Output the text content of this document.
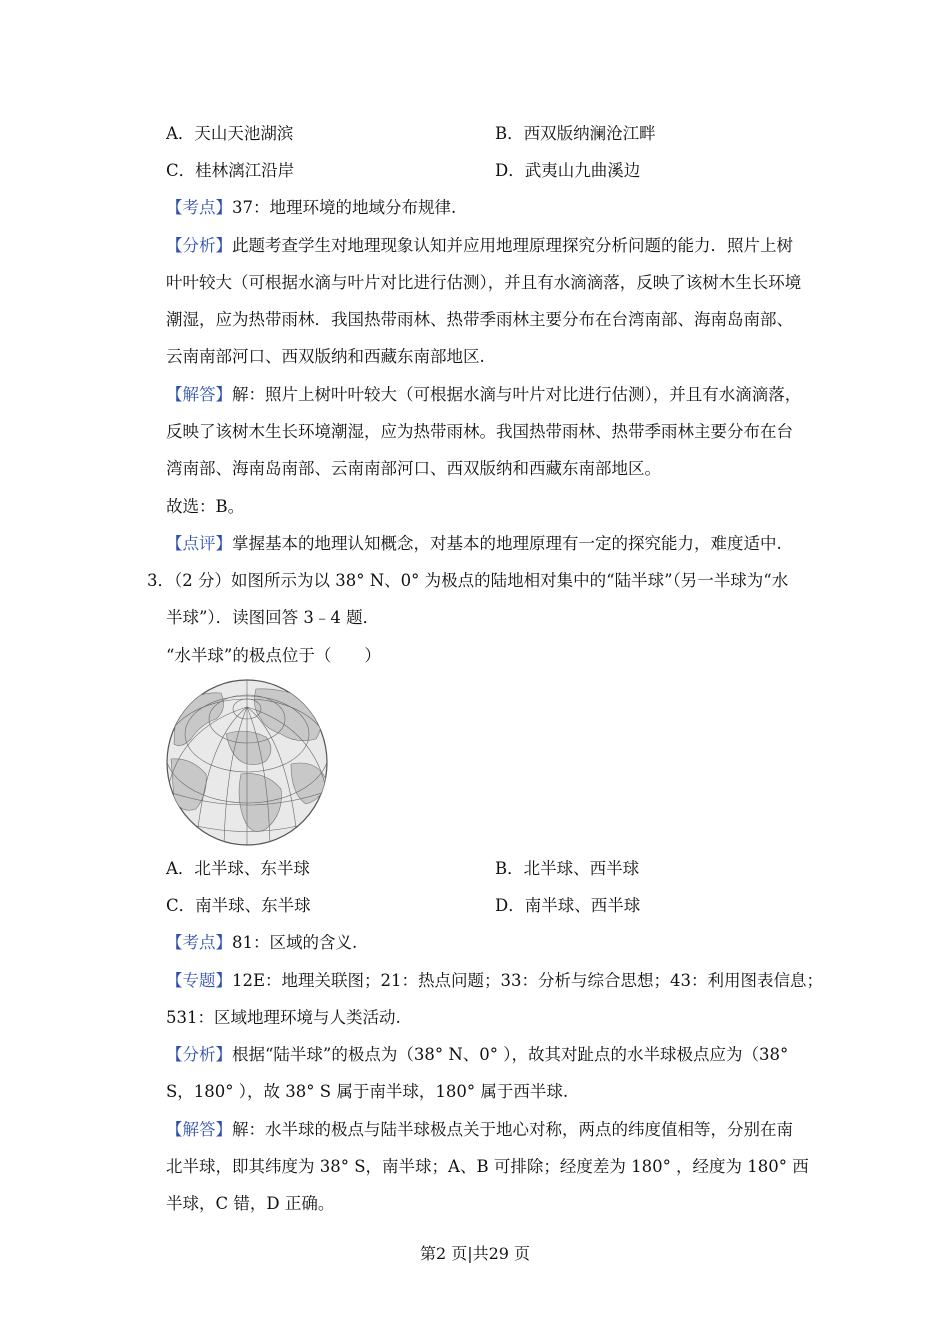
A．天山天池湖滨	B．西双版纳澜沧江畔
C．桂林漓江沿岸	D．武夷山九曲溪边
【考点】37：地理环境的地域分布规律.
【分析】此题考查学生对地理现象认知并应用地理原理探究分析问题的能力．照片上树
叶叶较大（可根据水滴与叶片对比进行估测），并且有水滴滴落，反映了该树木生长环境
潮湿，应为热带雨林．我国热带雨林、热带季雨林主要分布在台湾南部、海南岛南部、
云南南部河口、西双版纳和西藏东南部地区.
【解答】解：照片上树叶叶较大（可根据水滴与叶片对比进行估测），并且有水滴滴落，
反映了该树木生长环境潮湿，应为热带雨林。我国热带雨林、热带季雨林主要分布在台
湾南部、海南岛南部、云南南部河口、西双版纳和西藏东南部地区。
故选：B。
【点评】掌握基本的地理认知概念，对基本的地理原理有一定的探究能力，难度适中.
3．（2 分）如图所示为以 38° N、0° 为极点的陆地相对集中的“陆半球”（另一半球为“水
半球”）．读图回答 3﹣4 题．
“水半球”的极点位于（　　）
A．北半球、东半球	B．北半球、西半球
C．南半球、东半球	D．南半球、西半球
【考点】81：区域的含义.
【专题】12E：地理关联图；21：热点问题；33：分析与综合思想；43：利用图表信息；
531：区域地理环境与人类活动.
【分析】根据“陆半球”的极点为（38° N、0° ），故其对趾点的水半球极点应为（38°
S，180° ），故 38° S 属于南半球，180° 属于西半球.
【解答】解：水半球的极点与陆半球极点关于地心对称，两点的纬度值相等，分别在南
北半球，即其纬度为 38° S，南半球；A、B 可排除；经度差为 180° ，经度为 180° 西
半球，C 错，D 正确。
第2 页|共29 页
